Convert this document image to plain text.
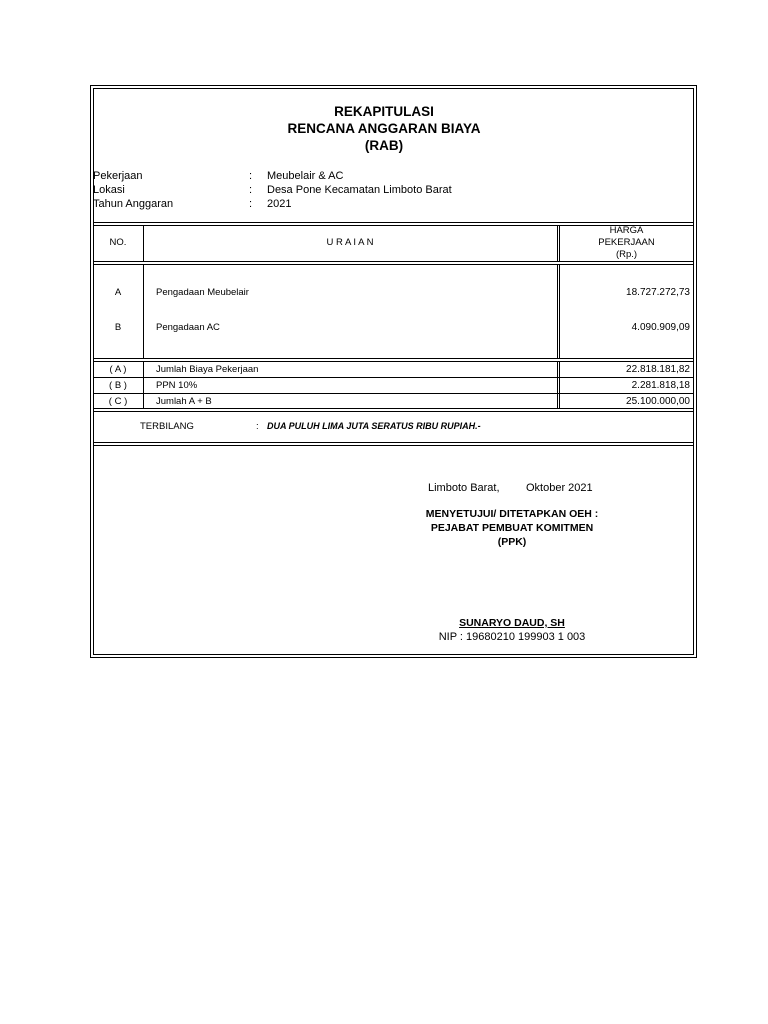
REKAPITULASI
RENCANA ANGGARAN BIAYA
(RAB)
Pekerjaan	: Meubelair & AC
Lokasi	: Desa Pone Kecamatan Limboto Barat
Tahun Anggaran	: 2021
NO.	U R A I A N
HARGA
PEKERJAAN
(Rp.)
A	Pengadaan Meubelair	18.727.272,73
B	Pengadaan AC	4.090.909,09
( A )	Jumlah Biaya Pekerjaan	22.818.181,82
( B )	PPN 10%	2.281.818,18
( C )	Jumlah A + B	25.100.000,00
TERBILANG	: DUA PULUH LIMA JUTA SERATUS RIBU RUPIAH.-
Limboto Barat, Oktober 2021
MENYETUJUI/ DITETAPKAN OEH :
PEJABAT PEMBUAT KOMITMEN
(PPK)
SUNARYO DAUD, SH
NIP : 19680210 199903 1 003
